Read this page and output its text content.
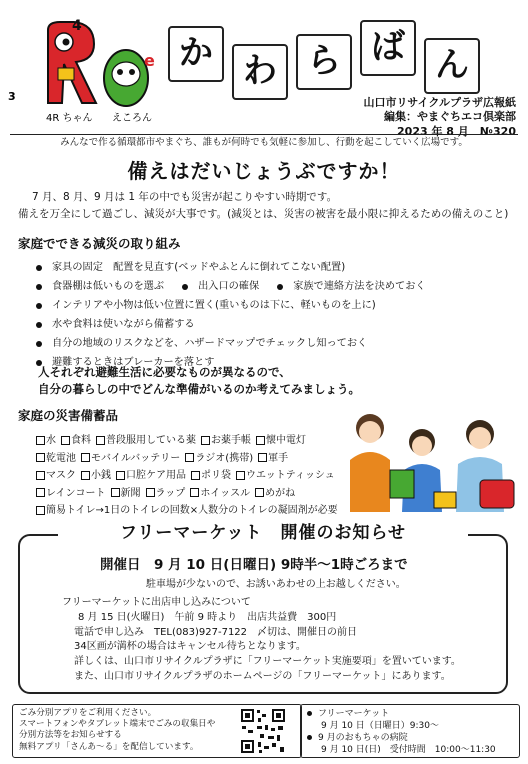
3
4
e
4R ちゃん えころん
か わ ら ば ん
山口市リサイクルプラザ広報紙
編集：やまぐちエコ倶楽部
2023 年 8 月　№320
みんなで作る循環都市やまぐち、誰もが何時でも気軽に参加し、行動を起こしていく広場です。
備えはだいじょうぶですか！

7 月、8 月、9 月は 1 年の中でも災害が起こりやすい時期です。

備えを万全にして過ごし、減災が大事です。(減災とは、災害の被害を最小限に抑えるための備えのこと)

家庭でできる減災の取り組み
家具の固定　配置を見直す(ベッドやふとんに倒れてこない配置)
食器棚は低いものを選ぶ	出入口の確保	家族で連絡方法を決めておく
インテリアや小物は低い位置に置く(重いものは下に、軽いものを上に)
水や食料は使いながら備蓄する
自分の地域のリスクなどを、ハザードマップでチェックし知っておく
避難するときはブレーカーを落とす
人それぞれ避難生活に必要なものが異なるので、
自分の暮らしの中でどんな準備がいるのか考えてみましょう。
家庭の災害備蓄品
水	食料	普段服用している薬	お薬手帳	懐中電灯
乾電池	モバイルバッテリー	ラジオ(携帯)	軍手
マスク	小銭	口腔ケア用品	ポリ袋	ウエットティッシュ
レインコート	新聞	ラップ	ホイッスル	めがね
簡易トイレ→1日のトイレの回数×人数分のトイレの凝固剤が必要
フリーマーケット　開催のお知らせ
開催日　9 月 10 日(日曜日) 9時半～1時ごろまで
駐車場が少ないので、お誘いあわせの上お越しください。
フリーマーケットに出店申し込みについて
8 月 15 日(火曜日)　午前 9 時より　出店共益費　300円
電話で申し込み　TEL(083)927-7122　〆切は、開催日の前日
34区画が満杯の場合はキャンセル待ちとなります。
詳しくは、山口市リサイクルプラザに「フリーマーケット実施要項」を置いています。
また、山口市リサイクルプラザのホームページの「フリーマーケット」にあります。
ごみ分別アプリをご利用ください。
スマートフォンやタブレット端末でごみの収集日や
分別方法等をお知らせする
無料アプリ「さんあ～る」を配信しています。
フリーマーケット
9 月 10 日（日曜日）9:30～
9 月のおもちゃの病院
9 月 10 日(日)　受付時間　10:00～11:30
